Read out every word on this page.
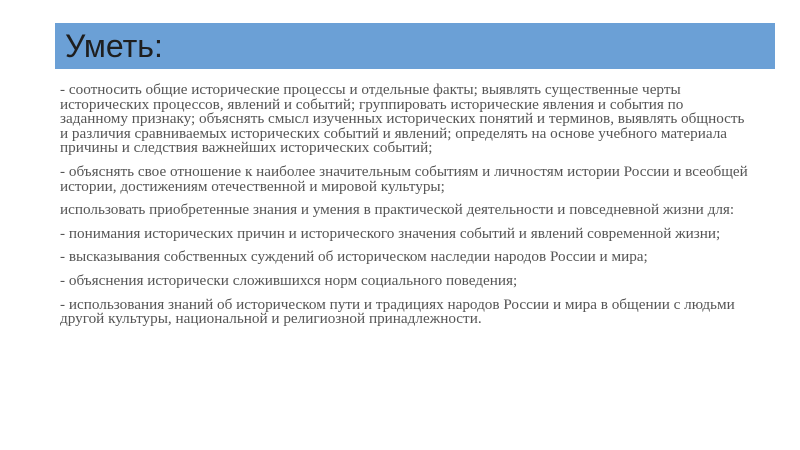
Уметь:

- соотносить общие исторические процессы и отдельные факты; выявлять существенные черты исторических процессов, явлений и событий; группировать исторические явления и события по заданному признаку; объяснять смысл изученных исторических понятий и терминов, выявлять общность и различия сравниваемых исторических событий и явлений; определять на основе учебного материала причины и следствия важнейших исторических событий;

- объяснять свое отношение к наиболее значительным событиям и личностям истории России и всеобщей истории, достижениям отечественной и мировой культуры;

использовать приобретенные знания и умения в практической деятельности и повседневной жизни для:

- понимания исторических причин и исторического значения событий и явлений современной жизни;

- высказывания собственных суждений об историческом наследии народов России и мира;

- объяснения исторически сложившихся норм социального поведения;

- использования знаний об историческом пути и традициях народов России и мира в общении с людьми другой культуры, национальной и религиозной принадлежности.
